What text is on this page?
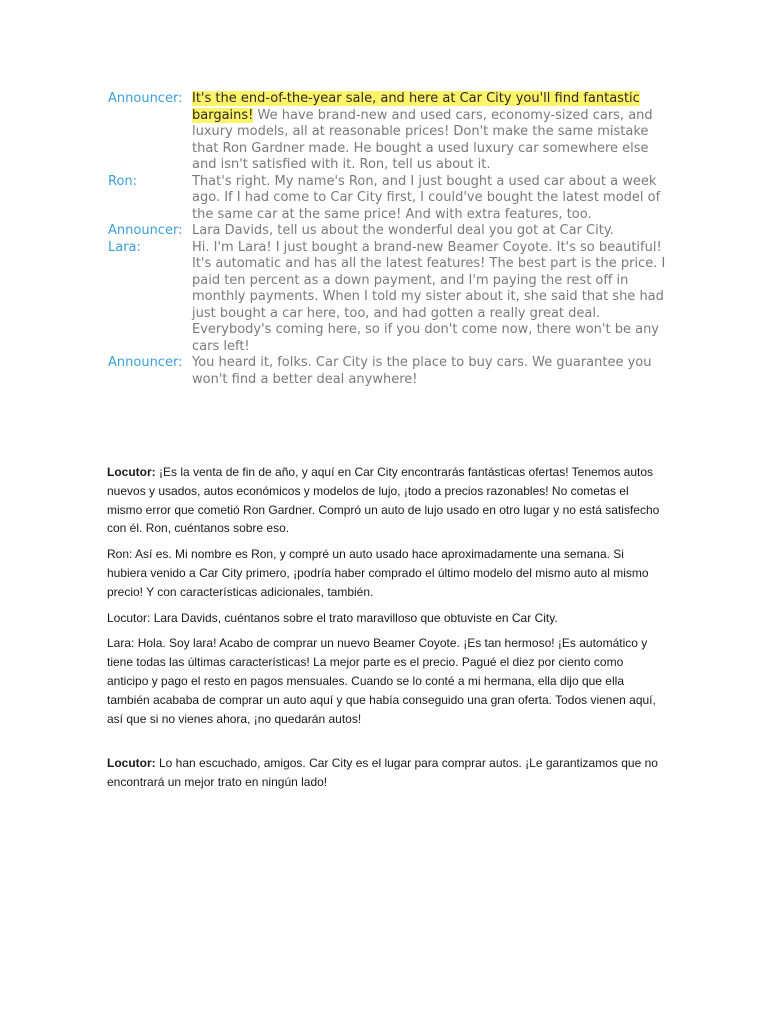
Announcer: It's the end-of-the-year sale, and here at Car City you'll find fantastic bargains! We have brand-new and used cars, economy-sized cars, and luxury models, all at reasonable prices! Don't make the same mistake that Ron Gardner made. He bought a used luxury car somewhere else and isn't satisfied with it. Ron, tell us about it.
Ron:	That's right. My name's Ron, and I just bought a used car about a week ago. If I had come to Car City first, I could've bought the latest model of the same car at the same price! And with extra features, too.
Announcer: Lara Davids, tell us about the wonderful deal you got at Car City.
Lara:	Hi. I'm Lara! I just bought a brand-new Beamer Coyote. It's so beautiful! It's automatic and has all the latest features! The best part is the price. I paid ten percent as a down payment, and I'm paying the rest off in monthly payments. When I told my sister about it, she said that she had just bought a car here, too, and had gotten a really great deal. Everybody's coming here, so if you don't come now, there won't be any cars left!
Announcer: You heard it, folks. Car City is the place to buy cars. We guarantee you won't find a better deal anywhere!

Locutor: ¡Es la venta de fin de año, y aquí en Car City encontrarás fantásticas ofertas! Tenemos autos nuevos y usados, autos económicos y modelos de lujo, ¡todo a precios razonables! No cometas el mismo error que cometió Ron Gardner. Compró un auto de lujo usado en otro lugar y no está satisfecho con él. Ron, cuéntanos sobre eso.

Ron: Así es. Mi nombre es Ron, y compré un auto usado hace aproximadamente una semana. Si hubiera venido a Car City primero, ¡podría haber comprado el último modelo del mismo auto al mismo precio! Y con características adicionales, también.

Locutor: Lara Davids, cuéntanos sobre el trato maravilloso que obtuviste en Car City.

Lara: Hola. Soy lara! Acabo de comprar un nuevo Beamer Coyote. ¡Es tan hermoso! ¡Es automático y tiene todas las últimas características! La mejor parte es el precio. Pagué el diez por ciento como anticipo y pago el resto en pagos mensuales. Cuando se lo conté a mi hermana, ella dijo que ella también acababa de comprar un auto aquí y que había conseguido una gran oferta. Todos vienen aquí, así que si no vienes ahora, ¡no quedarán autos!

Locutor: Lo han escuchado, amigos. Car City es el lugar para comprar autos. ¡Le garantizamos que no encontrará un mejor trato en ningún lado!
